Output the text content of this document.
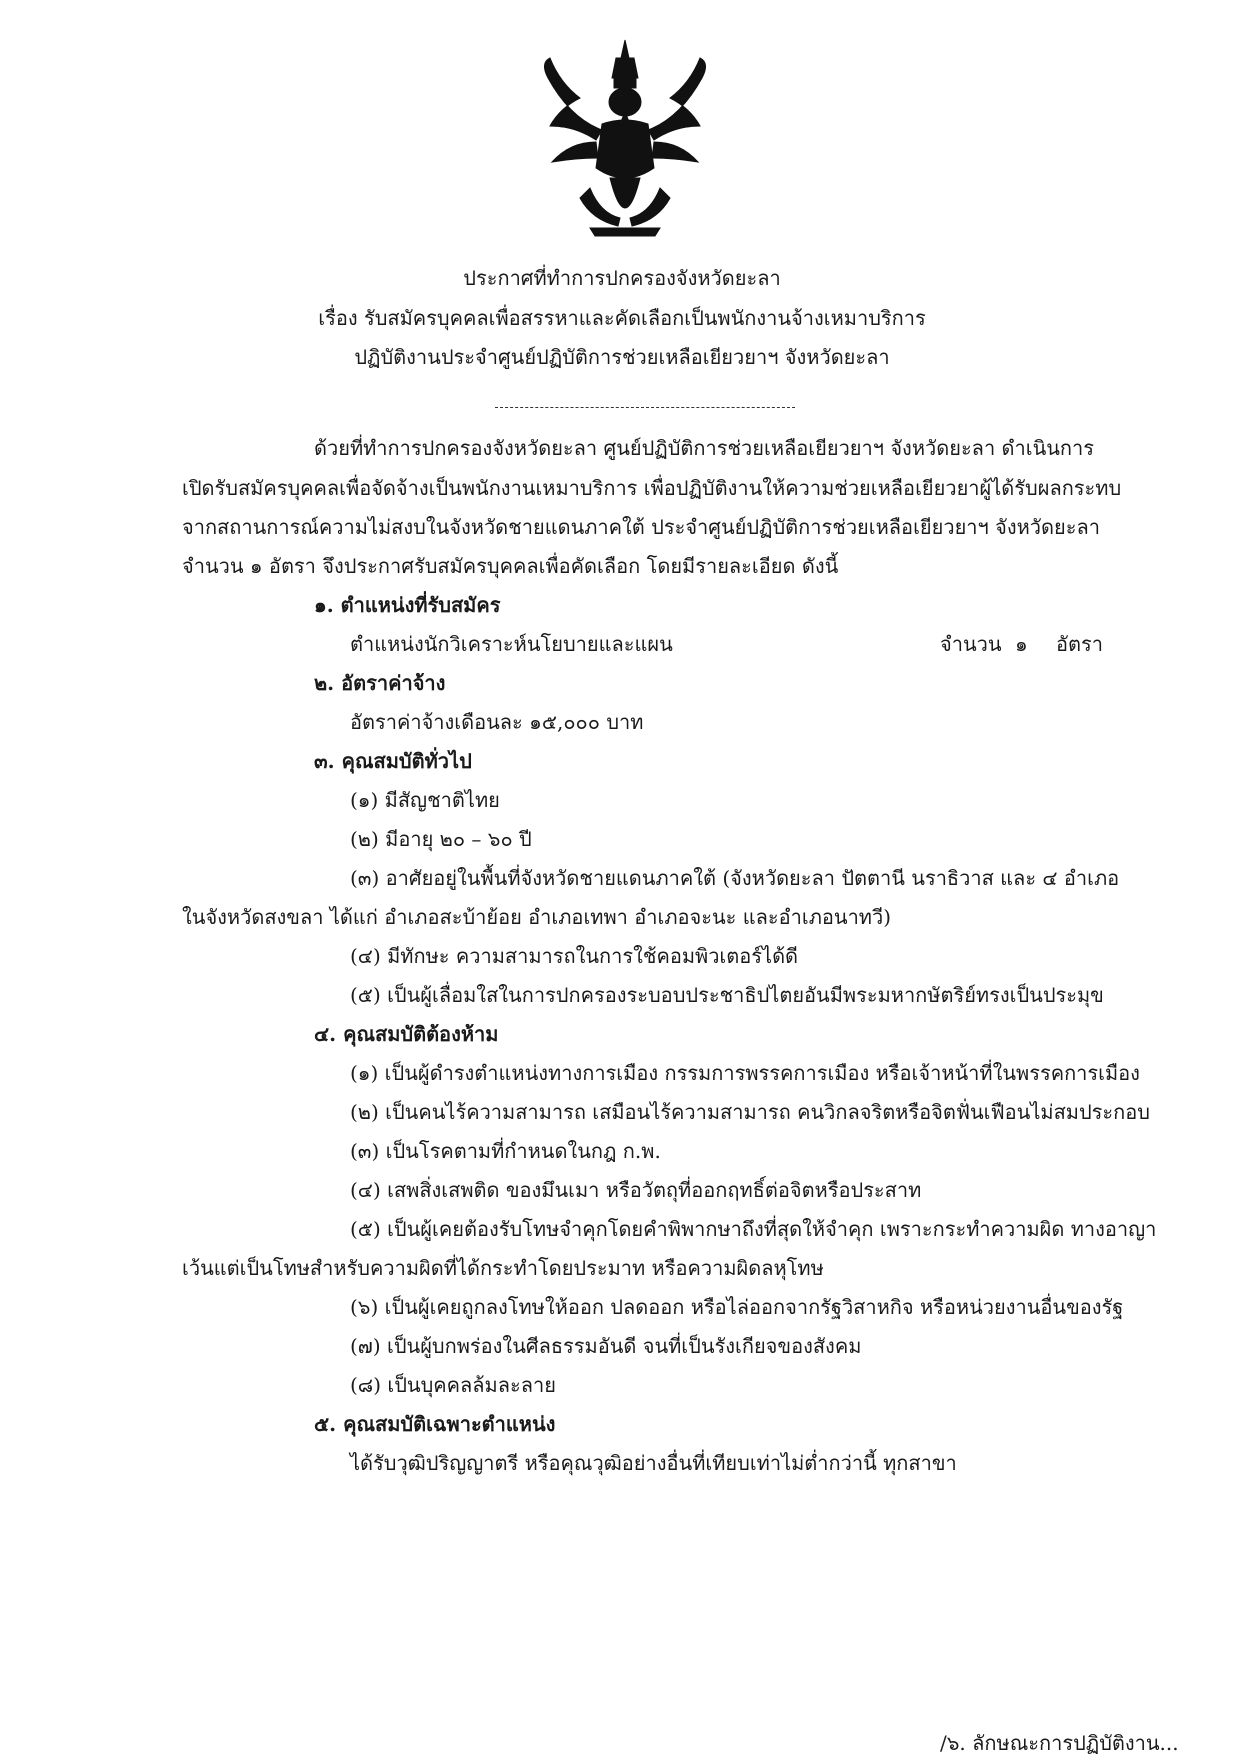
ประกาศที่ทำการปกครองจังหวัดยะลา
เรื่อง รับสมัครบุคคลเพื่อสรรหาและคัดเลือกเป็นพนักงานจ้างเหมาบริการ
ปฏิบัติงานประจำศูนย์ปฏิบัติการช่วยเหลือเยียวยาฯ จังหวัดยะลา
ด้วยที่ทำการปกครองจังหวัดยะลา ศูนย์ปฏิบัติการช่วยเหลือเยียวยาฯ จังหวัดยะลา ดำเนินการ
เปิดรับสมัครบุคคลเพื่อจัดจ้างเป็นพนักงานเหมาบริการ เพื่อปฏิบัติงานให้ความช่วยเหลือเยียวยาผู้ได้รับผลกระทบ
จากสถานการณ์ความไม่สงบในจังหวัดชายแดนภาคใต้ ประจำศูนย์ปฏิบัติการช่วยเหลือเยียวยาฯ จังหวัดยะลา
จำนวน ๑ อัตรา จึงประกาศรับสมัครบุคคลเพื่อคัดเลือก โดยมีรายละเอียด ดังนี้
๑. ตำแหน่งที่รับสมัคร
ตำแหน่งนักวิเคราะห์นโยบายและแผน	จำนวน ๑ อัตรา
๒. อัตราค่าจ้าง
อัตราค่าจ้างเดือนละ ๑๕,๐๐๐ บาท
๓. คุณสมบัติทั่วไป
(๑) มีสัญชาติไทย
(๒) มีอายุ ๒๐ – ๖๐ ปี
(๓) อาศัยอยู่ในพื้นที่จังหวัดชายแดนภาคใต้ (จังหวัดยะลา ปัตตานี นราธิวาส และ ๔ อำเภอ
ในจังหวัดสงขลา ได้แก่ อำเภอสะบ้าย้อย อำเภอเทพา อำเภอจะนะ และอำเภอนาทวี)
(๔) มีทักษะ ความสามารถในการใช้คอมพิวเตอร์ได้ดี
(๕) เป็นผู้เลื่อมใสในการปกครองระบอบประชาธิปไตยอันมีพระมหากษัตริย์ทรงเป็นประมุข
๔. คุณสมบัติต้องห้าม
(๑) เป็นผู้ดำรงตำแหน่งทางการเมือง กรรมการพรรคการเมือง หรือเจ้าหน้าที่ในพรรคการเมือง
(๒) เป็นคนไร้ความสามารถ เสมือนไร้ความสามารถ คนวิกลจริตหรือจิตฟั่นเฟือนไม่สมประกอบ
(๓) เป็นโรคตามที่กำหนดในกฎ ก.พ.
(๔) เสพสิ่งเสพติด ของมึนเมา หรือวัตถุที่ออกฤทธิ์ต่อจิตหรือประสาท
(๕) เป็นผู้เคยต้องรับโทษจำคุกโดยคำพิพากษาถึงที่สุดให้จำคุก เพราะกระทำความผิด ทางอาญา
เว้นแต่เป็นโทษสำหรับความผิดที่ได้กระทำโดยประมาท หรือความผิดลหุโทษ
(๖) เป็นผู้เคยถูกลงโทษให้ออก ปลดออก หรือไล่ออกจากรัฐวิสาหกิจ หรือหน่วยงานอื่นของรัฐ
(๗) เป็นผู้บกพร่องในศีลธรรมอันดี จนที่เป็นรังเกียจของสังคม
(๘) เป็นบุคคลล้มละลาย
๕. คุณสมบัติเฉพาะตำแหน่ง
ได้รับวุฒิปริญญาตรี หรือคุณวุฒิอย่างอื่นที่เทียบเท่าไม่ต่ำกว่านี้ ทุกสาขา
/๖. ลักษณะการปฏิบัติงาน...
